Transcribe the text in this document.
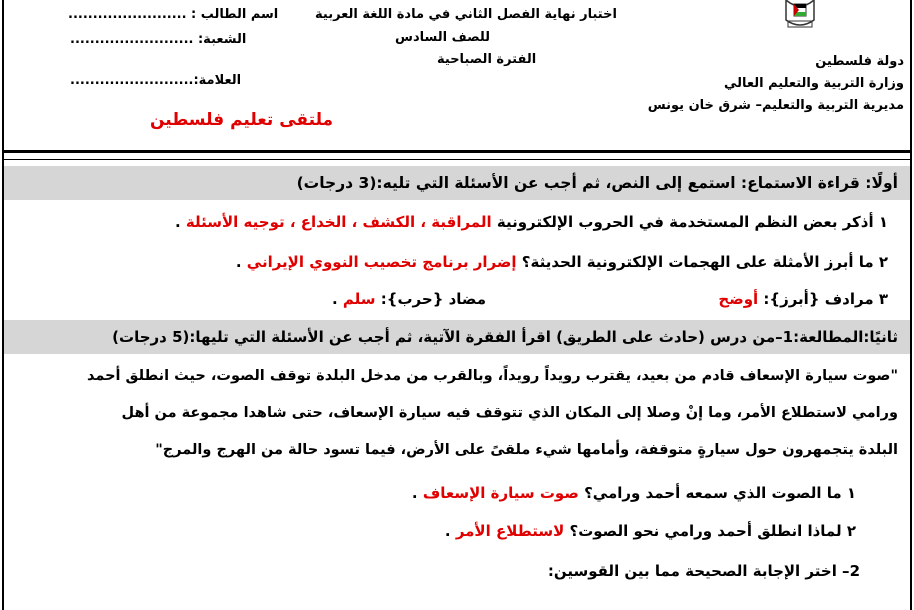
اسم الطالب : ........................
الشعبة: .........................
العلامة:.........................
ملتقى تعليم فلسطين
اختبار نهاية الفصل الثاني في مادة اللغة العربية
للصف السادس
الفترة الصباحية	دولة فلسطين
وزارة التربية والتعليم العالي
مديرية التربية والتعليم– شرق خان يونس
أولًا: قراءة الاستماع: استمع إلى النص، ثم أجب عن الأسئلة التي تليه:(3 درجات)
١ أذكر بعض النظم المستخدمة في الحروب الإلكترونية المراقبة ، الكشف ، الخداع ، توجيه الأسئلة .
٢ ما أبرز الأمثلة على الهجمات الإلكترونية الحديثة؟ إضرار برنامج تخصيب النووي الإيراني .
٣ مرادف {أبرز}: أوضح
مضاد {حرب}: سلم .
ثانيًا:المطالعة:1–من درس (حادث على الطريق) اقرأ الفقرة الآتية، ثم أجب عن الأسئلة التي تليها:(5 درجات)
"صوت سيارة الإسعاف قادم من بعيد، يقترب رويداً رويداً، وبالقرب من مدخل البلدة توقف الصوت، حيث انطلق أحمد
ورامي لاستطلاع الأمر، وما إنْ وصلا إلى المكان الذي تتوقف فيه سيارة الإسعاف، حتى شاهدا مجموعة من أهل
البلدة يتجمهرون حول سيارةٍ متوقفة، وأمامها شيء ملقىً على الأرض، فيما تسود حالة من الهرج والمرج"
١ ما الصوت الذي سمعه أحمد ورامي؟ صوت سيارة الإسعاف .
٢ لماذا انطلق أحمد ورامي نحو الصوت؟ لاستطلاع الأمر .
2– اختر الإجابة الصحيحة مما بين القوسين:
